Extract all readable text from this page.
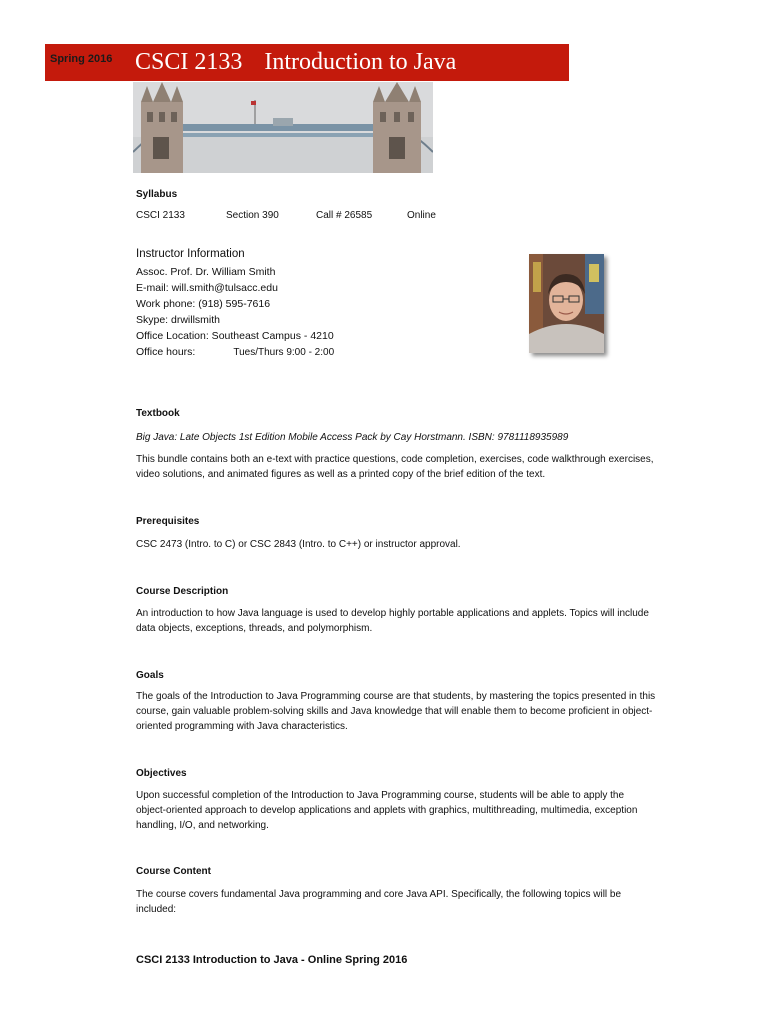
Spring 2016 CSCI 2133 Introduction to Java
Syllabus
CSCI 2133	Section 390	Call # 26585	Online
Instructor Information
Assoc. Prof. Dr. William Smith
E-mail: will.smith@tulsacc.edu
Work phone: (918) 595-7616
Skype: drwillsmith
Office Location: Southeast Campus - 4210
Office hours:	Tues/Thurs 9:00 - 2:00
Textbook
Big Java: Late Objects 1st Edition Mobile Access Pack by Cay Horstmann. ISBN: 9781118935989
This bundle contains both an e-text with practice questions, code completion, exercises, code walkthrough exercises, video solutions, and animated figures as well as a printed copy of the brief edition of the text.
Prerequisites
CSC 2473 (Intro. to C) or CSC 2843 (Intro. to C++) or instructor approval.
Course Description
An introduction to how Java language is used to develop highly portable applications and applets. Topics will include data objects, exceptions, threads, and polymorphism.
Goals
The goals of the Introduction to Java Programming course are that students, by mastering the topics presented in this course, gain valuable problem-solving skills and Java knowledge that will enable them to become proficient in object-oriented programming with Java characteristics.
Objectives
Upon successful completion of the Introduction to Java Programming course, students will be able to apply the object-oriented approach to develop applications and applets with graphics, multithreading, multimedia, exception handling, I/O, and networking.
Course Content
The course covers fundamental Java programming and core Java API. Specifically, the following topics will be included:
CSCI 2133 Introduction to Java - Online Spring 2016
